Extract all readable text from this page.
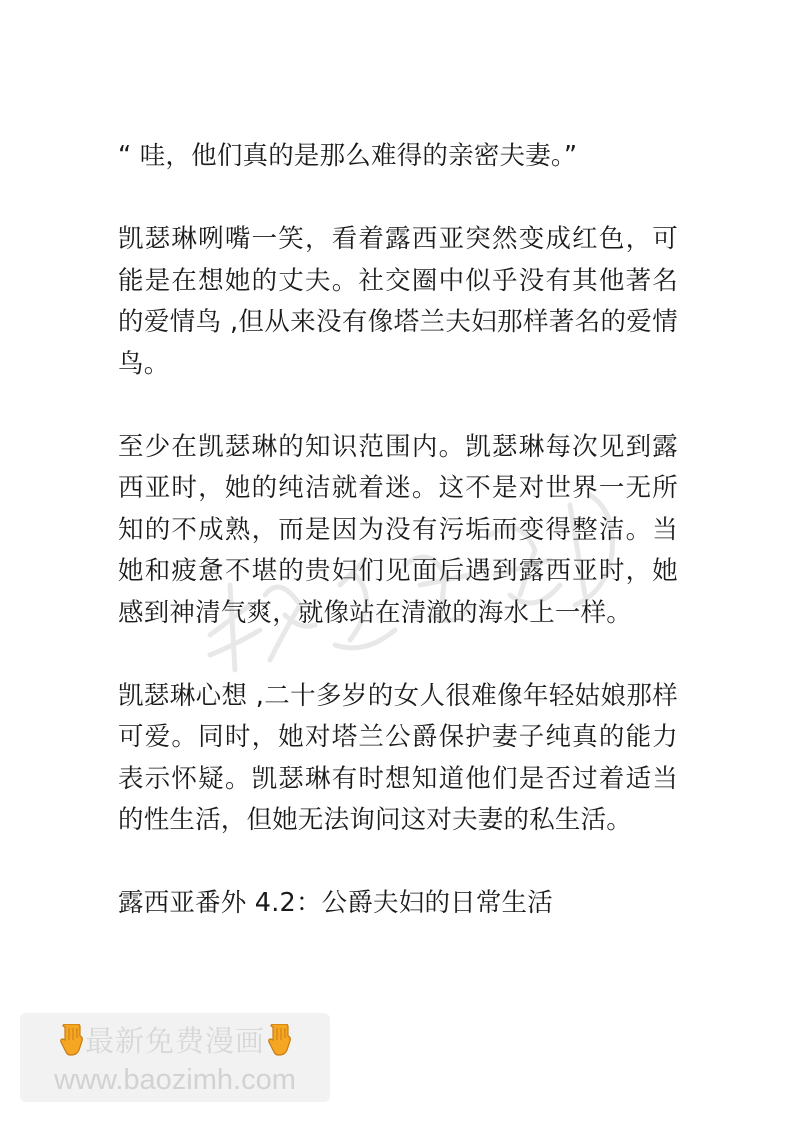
“ 哇，他们真的是那么难得的亲密夫妻。”

凯瑟琳咧嘴一笑，看着露西亚突然变成红色，可能是在想她的丈夫。社交圈中似乎没有其他著名的爱情鸟 ,但从来没有像塔兰夫妇那样著名的爱情鸟。

至少在凯瑟琳的知识范围内。凯瑟琳每次见到露西亚时，她的纯洁就着迷。这不是对世界一无所知的不成熟，而是因为没有污垢而变得整洁。当她和疲惫不堪的贵妇们见面后遇到露西亚时，她感到神清气爽，就像站在清澈的海水上一样。

凯瑟琳心想 ,二十多岁的女人很难像年轻姑娘那样可爱。同时，她对塔兰公爵保护妻子纯真的能力表示怀疑。凯瑟琳有时想知道他们是否过着适当的性生活，但她无法询问这对夫妻的私生活。

露西亚番外 4.2：公爵夫妇的日常生活

最新免费漫画
www.baozimh.com
